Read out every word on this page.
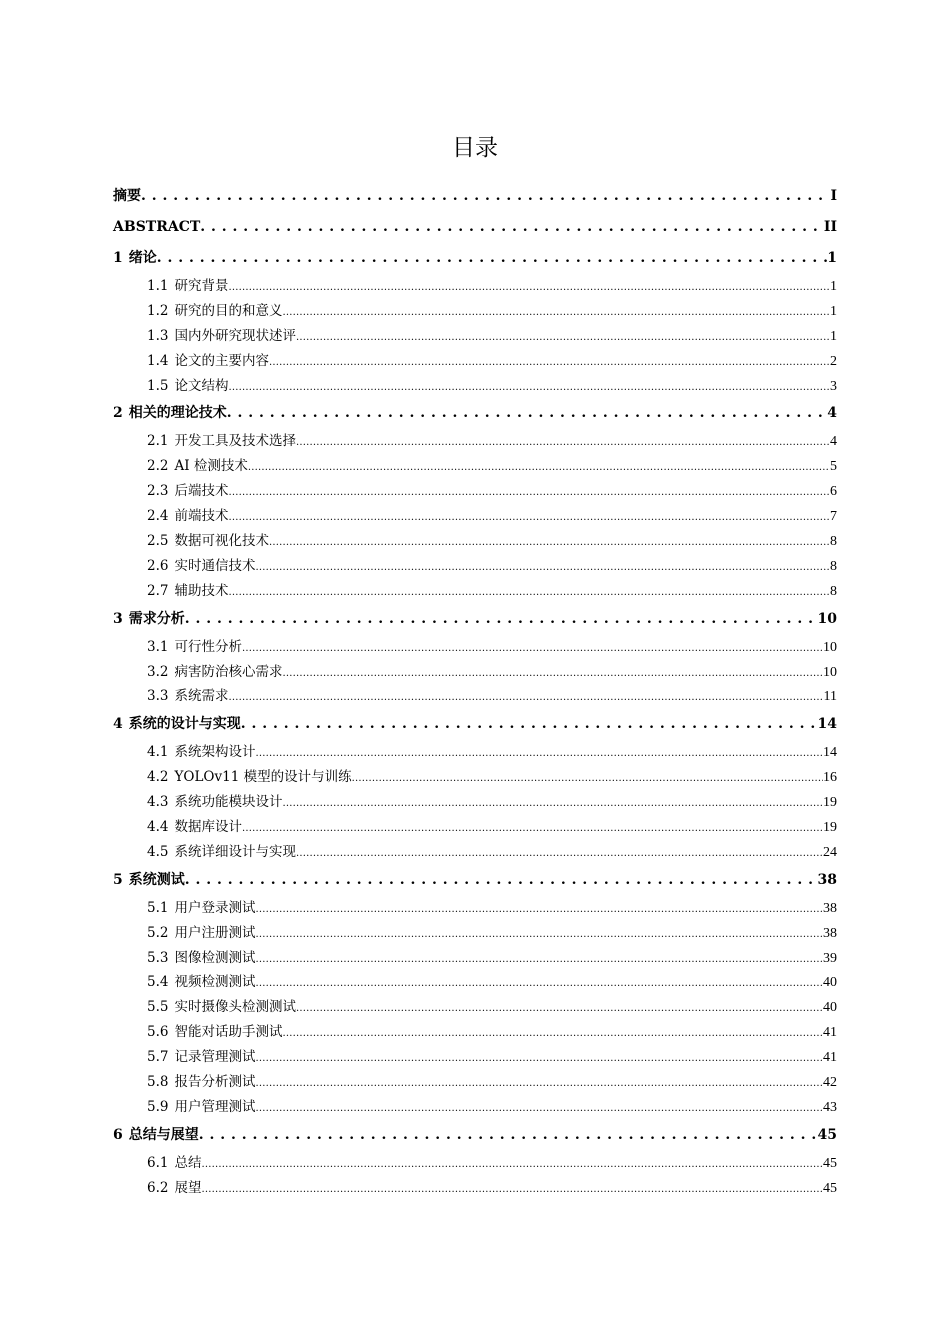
目录
摘要 . . .	I
ABSTRACT . . .	II
1 绪论 . . .	1
1.1 研究背景 .....	1
1.2 研究的目的和意义 .....	1
1.3 国内外研究现状述评 .....	1
1.4 论文的主要内容 .....	2
1.5 论文结构 .....	3
2 相关的理论技术 . . .	4
2.1 开发工具及技术选择 .....	4
2.2 AI 检测技术 .....	5
2.3 后端技术 .....	6
2.4 前端技术 .....	7
2.5 数据可视化技术 .....	8
2.6 实时通信技术 .....	8
2.7 辅助技术 .....	8
3 需求分析 . . .	10
3.1 可行性分析 .....	10
3.2 病害防治核心需求 .....	10
3.3 系统需求 .....	11
4 系统的设计与实现 . . .	14
4.1 系统架构设计 .....	14
4.2 YOLOv11 模型的设计与训练 .....	16
4.3 系统功能模块设计 .....	19
4.4 数据库设计 .....	19
4.5 系统详细设计与实现 .....	24
5 系统测试 . . .	38
5.1 用户登录测试 .....	38
5.2 用户注册测试 .....	38
5.3 图像检测测试 .....	39
5.4 视频检测测试 .....	40
5.5 实时摄像头检测测试 .....	40
5.6 智能对话助手测试 .....	41
5.7 记录管理测试 .....	41
5.8 报告分析测试 .....	42
5.9 用户管理测试 .....	43
6 总结与展望 . . .	45
6.1 总结 .....	45
6.2 展望 .....	45
